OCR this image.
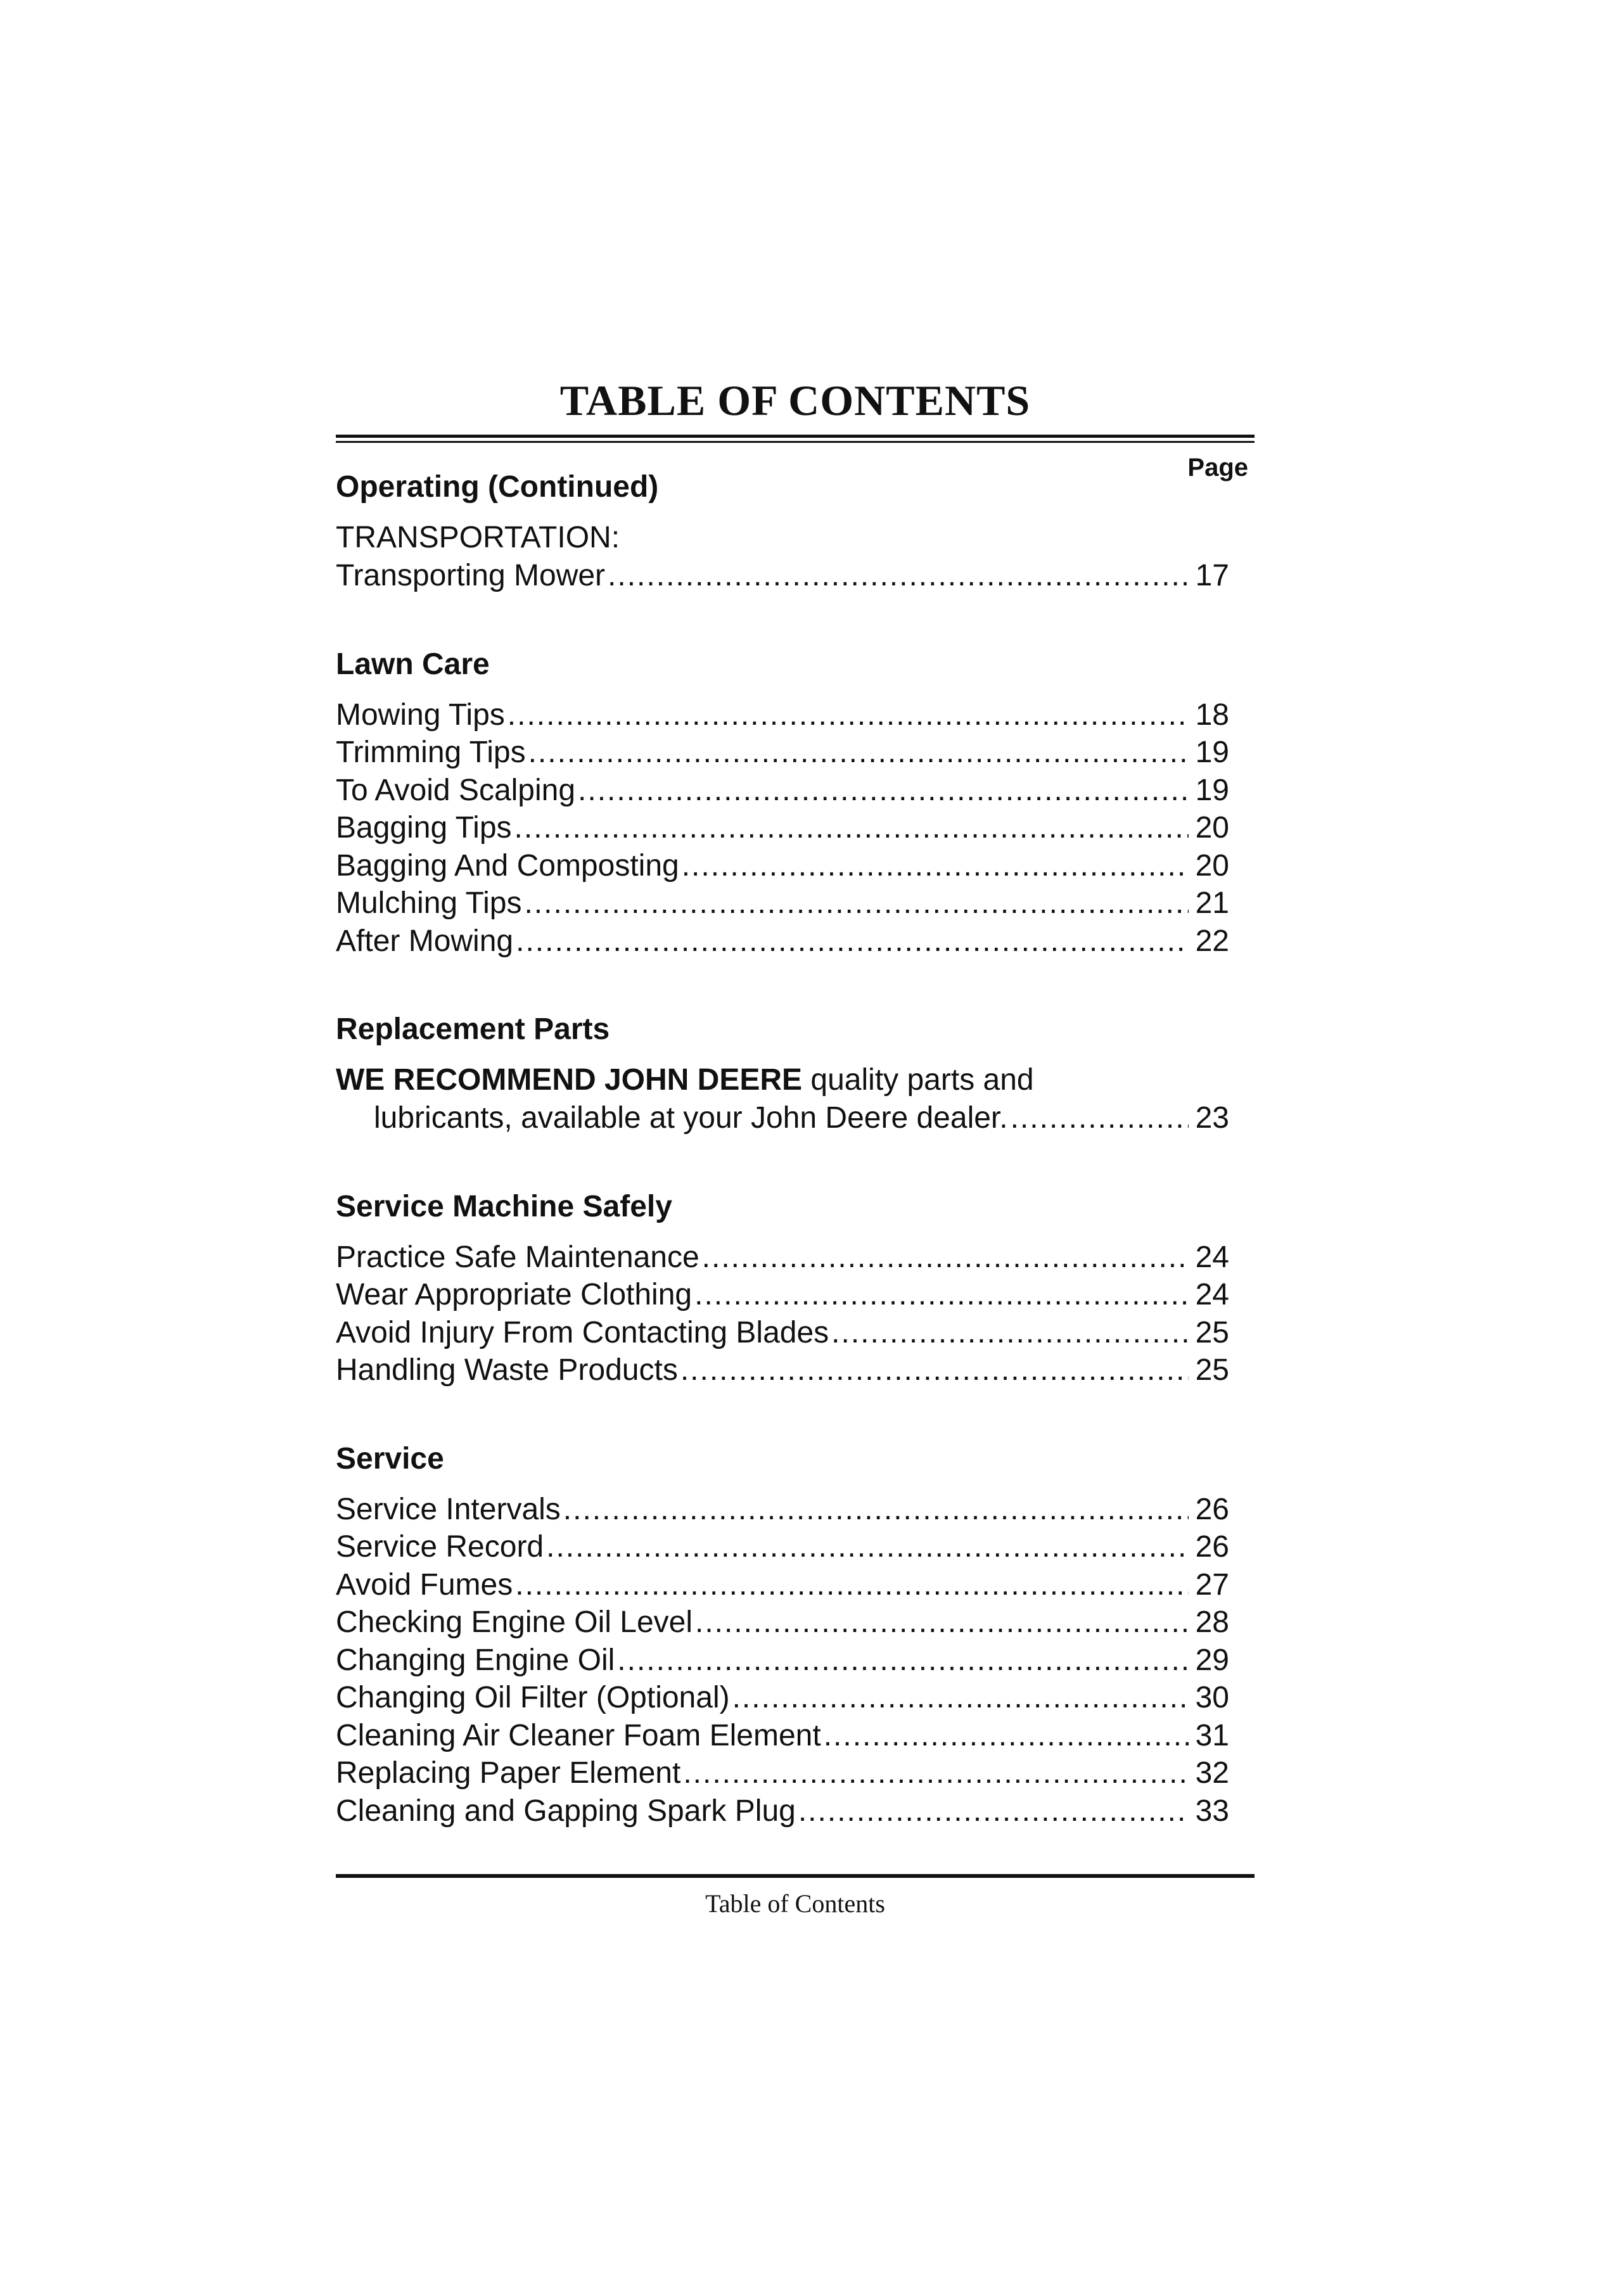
TABLE OF CONTENTS
Page
Operating (Continued)
TRANSPORTATION:
Transporting Mower .....	17
Lawn Care
Mowing Tips .....	18
Trimming Tips .....	19
To Avoid Scalping .....	19
Bagging Tips .....	20
Bagging And Composting .....	20
Mulching Tips .....	21
After Mowing .....	22
Replacement Parts
WE RECOMMEND JOHN DEERE quality parts and
lubricants, available at your John Deere dealer. .....	23
Service Machine Safely
Practice Safe Maintenance .....	24
Wear Appropriate Clothing .....	24
Avoid Injury From Contacting Blades .....	25
Handling Waste Products .....	25
Service
Service Intervals .....	26
Service Record .....	26
Avoid Fumes .....	27
Checking Engine Oil Level .....	28
Changing Engine Oil .....	29
Changing Oil Filter (Optional) .....	30
Cleaning Air Cleaner Foam Element .....	31
Replacing Paper Element .....	32
Cleaning and Gapping Spark Plug .....	33
Table of Contents
